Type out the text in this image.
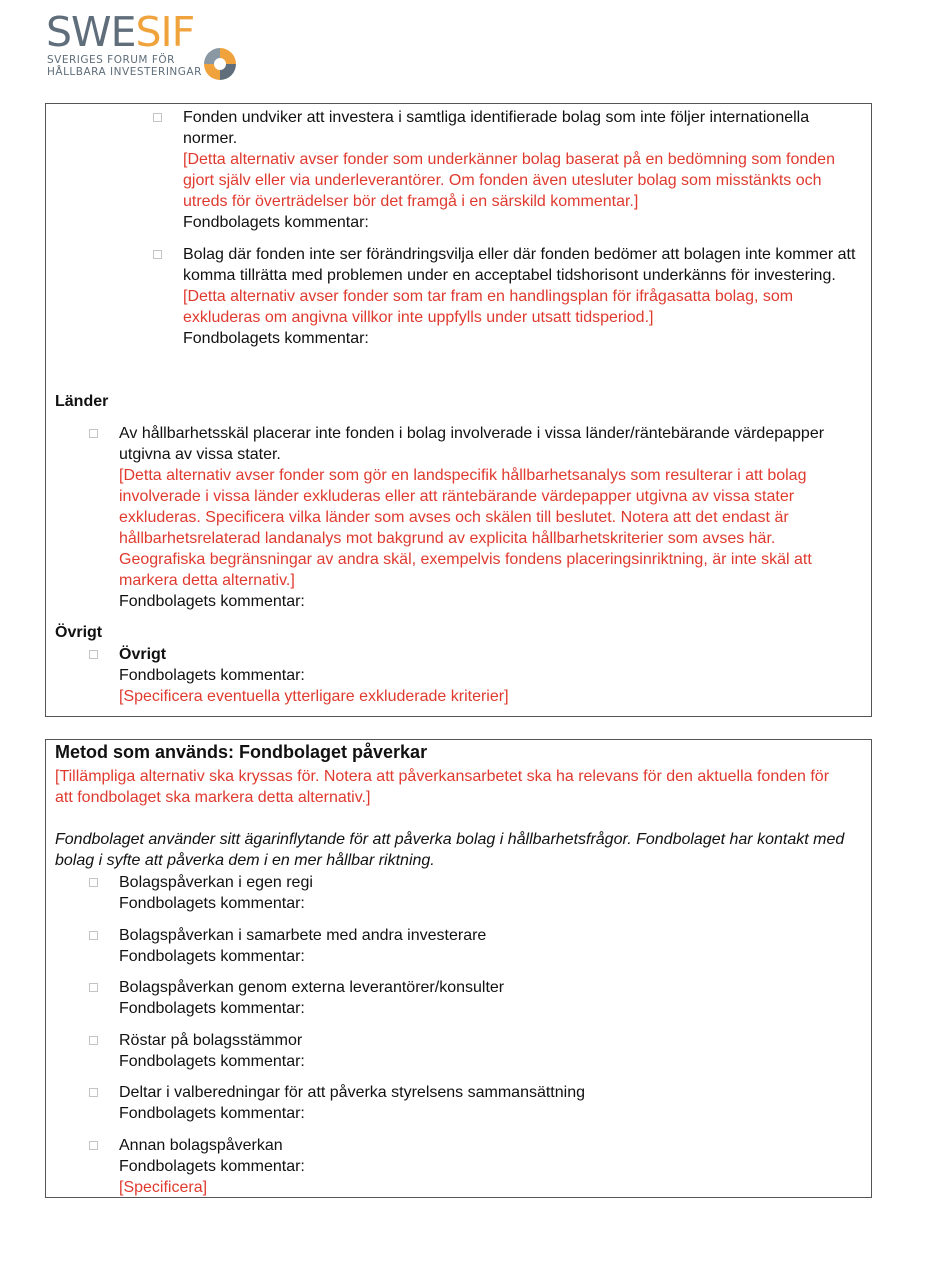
SWESIF
SVERIGES FORUM FÖR
HÅLLBARA INVESTERINGAR

Fonden undviker att investera i samtliga identifierade bolag som inte följer internationella normer.

[Detta alternativ avser fonder som underkänner bolag baserat på en bedömning som fonden gjort själv eller via underleverantörer. Om fonden även utesluter bolag som misstänkts och utreds för överträdelser bör det framgå i en särskild kommentar.]

Fondbolagets kommentar:

Bolag där fonden inte ser förändringsvilja eller där fonden bedömer att bolagen inte kommer att komma tillrätta med problemen under en acceptabel tidshorisont underkänns för investering.

[Detta alternativ avser fonder som tar fram en handlingsplan för ifrågasatta bolag, som exkluderas om angivna villkor inte uppfylls under utsatt tidsperiod.]

Fondbolagets kommentar:

Länder

Av hållbarhetsskäl placerar inte fonden i bolag involverade i vissa länder/räntebärande värdepapper utgivna av vissa stater.

[Detta alternativ avser fonder som gör en landspecifik hållbarhetsanalys som resulterar i att bolag involverade i vissa länder exkluderas eller att räntebärande värdepapper utgivna av vissa stater exkluderas. Specificera vilka länder som avses och skälen till beslutet. Notera att det endast är hållbarhetsrelaterad landanalys mot bakgrund av explicita hållbarhetskriterier som avses här. Geografiska begränsningar av andra skäl, exempelvis fondens placeringsinriktning, är inte skäl att markera detta alternativ.]

Fondbolagets kommentar:

Övrigt

Övrigt

Fondbolagets kommentar:

[Specificera eventuella ytterligare exkluderade kriterier]

Metod som används: Fondbolaget påverkar
[Tillämpliga alternativ ska kryssas för. Notera att påverkansarbetet ska ha relevans för den aktuella fonden för att fondbolaget ska markera detta alternativ.]
Fondbolaget använder sitt ägarinflytande för att påverka bolag i hållbarhetsfrågor. Fondbolaget har kontakt med bolag i syfte att påverka dem i en mer hållbar riktning.

Bolagspåverkan i egen regi

Fondbolagets kommentar:

Bolagspåverkan i samarbete med andra investerare

Fondbolagets kommentar:

Bolagspåverkan genom externa leverantörer/konsulter

Fondbolagets kommentar:

Röstar på bolagsstämmor

Fondbolagets kommentar:

Deltar i valberedningar för att påverka styrelsens sammansättning

Fondbolagets kommentar:

Annan bolagspåverkan

Fondbolagets kommentar:

[Specificera]
